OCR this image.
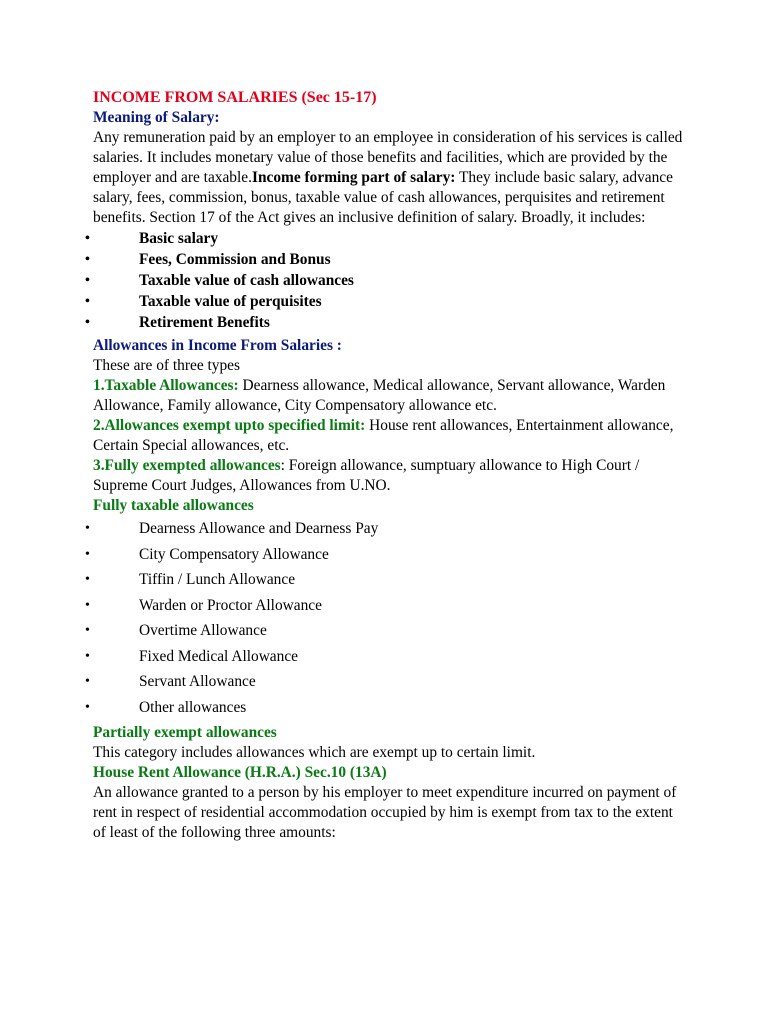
INCOME FROM SALARIES (Sec 15-17)

Meaning of Salary:

Any remuneration paid by an employer to an employee in consideration of his services is called salaries. It includes monetary value of those benefits and facilities, which are provided by the employer and are taxable.Income forming part of salary: They include basic salary, advance salary, fees, commission, bonus, taxable value of cash allowances, perquisites and retirement benefits. Section 17 of the Act gives an inclusive definition of salary. Broadly, it includes:

• Basic salary
• Fees, Commission and Bonus
• Taxable value of cash allowances
• Taxable value of perquisites
• Retirement Benefits

Allowances in Income From Salaries :

These are of three types

1.Taxable Allowances: Dearness allowance, Medical allowance, Servant allowance, Warden Allowance, Family allowance, City Compensatory allowance etc.

2.Allowances exempt upto specified limit: House rent allowances, Entertainment allowance, Certain Special allowances, etc.

3.Fully exempted allowances: Foreign allowance, sumptuary allowance to High Court / Supreme Court Judges, Allowances from U.NO.

Fully taxable allowances

• Dearness Allowance and Dearness Pay
• City Compensatory Allowance
• Tiffin / Lunch Allowance
• Warden or Proctor Allowance
• Overtime Allowance
• Fixed Medical Allowance
• Servant Allowance
• Other allowances

Partially exempt allowances

This category includes allowances which are exempt up to certain limit.

House Rent Allowance (H.R.A.) Sec.10 (13A)

An allowance granted to a person by his employer to meet expenditure incurred on payment of rent in respect of residential accommodation occupied by him is exempt from tax to the extent of least of the following three amounts:
